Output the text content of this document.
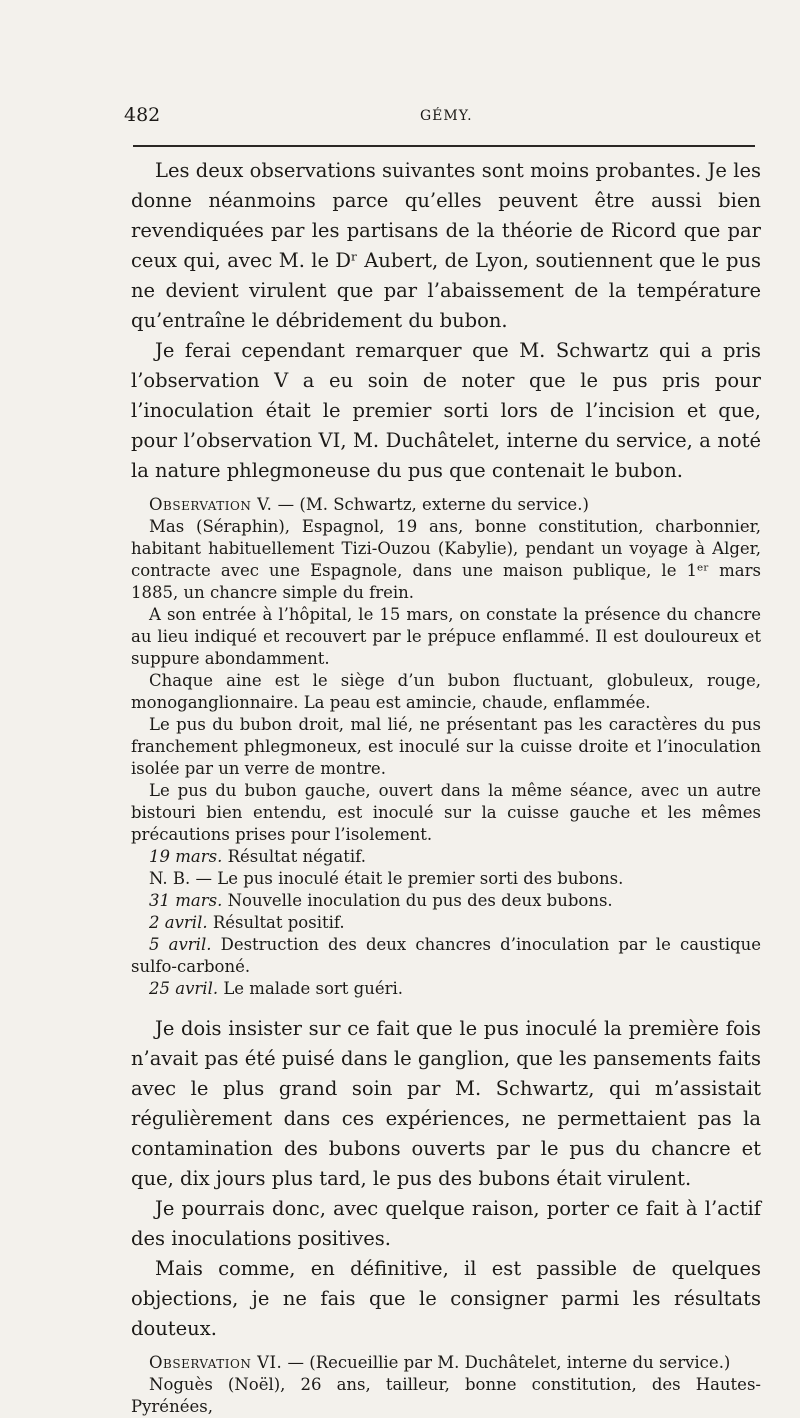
482	GÉMY.

Les deux observations suivantes sont moins probantes. Je les donne néanmoins parce qu’elles peuvent être aussi bien revendiquées par les partisans de la théorie de Ricord que par ceux qui, avec M. le Dʳ Aubert, de Lyon, soutiennent que le pus ne devient virulent que par l’abaissement de la température qu’entraîne le débridement du bubon.

Je ferai cependant remarquer que M. Schwartz qui a pris l’observation V a eu soin de noter que le pus pris pour l’inoculation était le premier sorti lors de l’incision et que, pour l’observation VI, M. Duchâtelet, interne du service, a noté la nature phlegmoneuse du pus que contenait le bubon.

Observation V. — (M. Schwartz, externe du service.)

Mas (Séraphin), Espagnol, 19 ans, bonne constitution, charbonnier, habitant habituellement Tizi-Ouzou (Kabylie), pendant un voyage à Alger, contracte avec une Espagnole, dans une maison publique, le 1ᵉʳ mars 1885, un chancre simple du frein.

A son entrée à l’hôpital, le 15 mars, on constate la présence du chancre au lieu indiqué et recouvert par le prépuce enflammé. Il est douloureux et suppure abondamment.

Chaque aine est le siège d’un bubon fluctuant, globuleux, rouge, monoganglionnaire. La peau est amincie, chaude, enflammée.

Le pus du bubon droit, mal lié, ne présentant pas les caractères du pus franchement phlegmoneux, est inoculé sur la cuisse droite et l’inoculation isolée par un verre de montre.

Le pus du bubon gauche, ouvert dans la même séance, avec un autre bistouri bien entendu, est inoculé sur la cuisse gauche et les mêmes précautions prises pour l’isolement.

19 mars. Résultat négatif.

N. B. — Le pus inoculé était le premier sorti des bubons.

31 mars. Nouvelle inoculation du pus des deux bubons.

2 avril. Résultat positif.

5 avril. Destruction des deux chancres d’inoculation par le caustique sulfo-carboné.

25 avril. Le malade sort guéri.

Je dois insister sur ce fait que le pus inoculé la première fois n’avait pas été puisé dans le ganglion, que les pansements faits avec le plus grand soin par M. Schwartz, qui m’assistait régulièrement dans ces expériences, ne permettaient pas la contamination des bubons ouverts par le pus du chancre et que, dix jours plus tard, le pus des bubons était virulent.

Je pourrais donc, avec quelque raison, porter ce fait à l’actif des inoculations positives.

Mais comme, en définitive, il est passible de quelques objections, je ne fais que le consigner parmi les résultats douteux.

Observation VI. — (Recueillie par M. Duchâtelet, interne du service.)

Noguès (Noël), 26 ans, tailleur, bonne constitution, des Hautes-Pyrénées,
